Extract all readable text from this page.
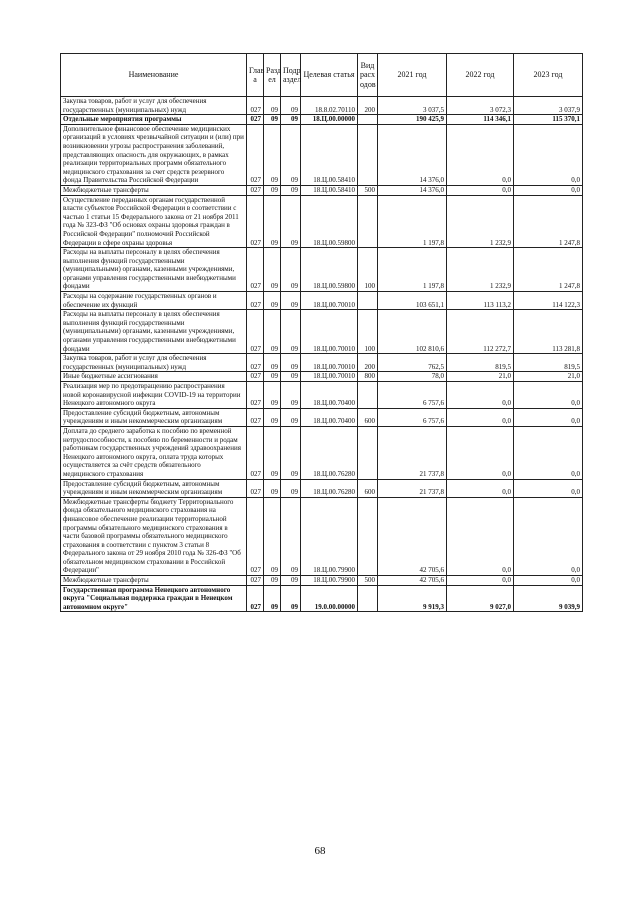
Наименование	Глав а	Разд ел	Подр аздел	Целевая статья	Вид расх одов	2021 год	2022 год	2023 год
Закупка товаров, работ и услуг для обеспечения государственных (муниципальных) нужд	027	09	09	18.8.02.70110	200	3 037,5	3 072,3	3 037,9
Отдельные мероприятия программы	027	09	09	18.Ц.00.00000		190 425,9	114 346,1	115 370,1
Дополнительное финансовое обеспечение медицинских организаций в условиях чрезвычайной ситуации и (или) при возникновении угрозы распространения заболеваний, представляющих опасность для окружающих, в рамках реализации территориальных программ обязательного медицинского страхования за счет средств резервного фонда Правительства Российской Федерации	027	09	09	18.Ц.00.58410		14 376,0	0,0	0,0
Межбюджетные трансферты	027	09	09	18.Ц.00.58410	500	14 376,0	0,0	0,0
Осуществление переданных органам государственной власти субъектов Российской Федерации в соответствии с частью 1 статьи 15 Федерального закона от 21 ноября 2011 года № 323-ФЗ "Об основах охраны здоровья граждан в Российской Федерации" полномочий Российской Федерации в сфере охраны здоровья	027	09	09	18.Ц.00.59800		1 197,8	1 232,9	1 247,8
Расходы на выплаты персоналу в целях обеспечения выполнения функций государственными (муниципальными) органами, казенными учреждениями, органами управления государственными внебюджетными фондами	027	09	09	18.Ц.00.59800	100	1 197,8	1 232,9	1 247,8
Расходы на содержание государственных органов и обеспечение их функций	027	09	09	18.Ц.00.70010		103 651,1	113 113,2	114 122,3
Расходы на выплаты персоналу в целях обеспечения выполнения функций государственными (муниципальными) органами, казенными учреждениями, органами управления государственными внебюджетными фондами	027	09	09	18.Ц.00.70010	100	102 810,6	112 272,7	113 281,8
Закупка товаров, работ и услуг для обеспечения государственных (муниципальных) нужд	027	09	09	18.Ц.00.70010	200	762,5	819,5	819,5
Иные бюджетные ассигнования	027	09	09	18.Ц.00.70010	800	78,0	21,0	21,0
Реализация мер по предотвращению распространения новой коронавирусной инфекции COVID-19 на территории Ненецкого автономного округа	027	09	09	18.Ц.00.70400		6 757,6	0,0	0,0
Предоставление субсидий бюджетным, автономным учреждениям и иным некоммерческим организациям	027	09	09	18.Ц.00.70400	600	6 757,6	0,0	0,0
Доплата до среднего заработка к пособию по временной нетрудоспособности, к пособию по беременности и родам работникам государственных учреждений здравоохранения Ненецкого автономного округа, оплата труда которых осуществляется за счёт средств обязательного медицинского страхования	027	09	09	18.Ц.00.76280		21 737,8	0,0	0,0
Предоставление субсидий бюджетным, автономным учреждениям и иным некоммерческим организациям	027	09	09	18.Ц.00.76280	600	21 737,8	0,0	0,0
Межбюджетные трансферты бюджету Территориального фонда обязательного медицинского страхования на финансовое обеспечение реализации территориальной программы обязательного медицинского страхования в части базовой программы обязательного медицинского страхования в соответствии с пунктом 3 статьи 8 Федерального закона от 29 ноября 2010 года № 326-ФЗ "Об обязательном медицинском страховании в Российской Федерации"	027	09	09	18.Ц.00.79900		42 705,6	0,0	0,0
Межбюджетные трансферты	027	09	09	18.Ц.00.79900	500	42 705,6	0,0	0,0
Государственная программа Ненецкого автономного округа "Социальная поддержка граждан в Ненецком автономном округе"	027	09	09	19.0.00.00000		9 919,3	9 027,0	9 039,9
68
